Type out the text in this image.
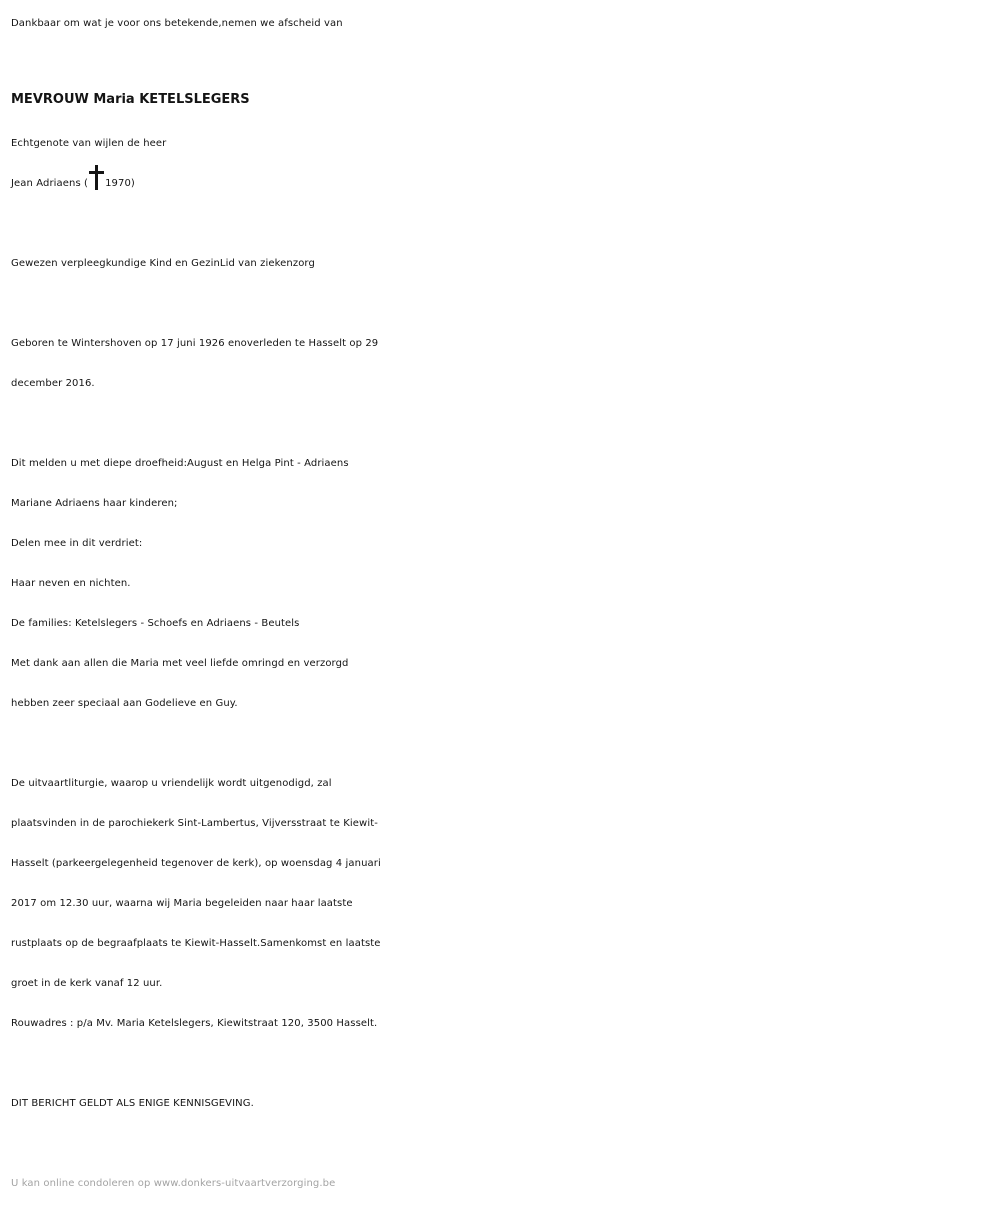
Dankbaar om wat je voor ons betekende,nemen we afscheid van
MEVROUW Maria KETELSLEGERS
Echtgenote van wijlen de heer
Jean Adriaens ( 1970)
Gewezen verpleegkundige Kind en GezinLid van ziekenzorg
Geboren te Wintershoven op 17 juni 1926 enoverleden te Hasselt op 29
december 2016.
Dit melden u met diepe droefheid:August en Helga Pint - Adriaens
Mariane Adriaens haar kinderen;
Delen mee in dit verdriet:
Haar neven en nichten.
De families: Ketelslegers - Schoefs en Adriaens - Beutels
Met dank aan allen die Maria met veel liefde omringd en verzorgd
hebben zeer speciaal aan Godelieve en Guy.
De uitvaartliturgie, waarop u vriendelijk wordt uitgenodigd, zal
plaatsvinden in de parochiekerk Sint-Lambertus, Vijversstraat te Kiewit-
Hasselt (parkeergelegenheid tegenover de kerk), op woensdag 4 januari
2017 om 12.30 uur, waarna wij Maria begeleiden naar haar laatste
rustplaats op de begraafplaats te Kiewit-Hasselt.Samenkomst en laatste
groet in de kerk vanaf 12 uur.
Rouwadres : p/a Mv. Maria Ketelslegers, Kiewitstraat 120, 3500 Hasselt.
DIT BERICHT GELDT ALS ENIGE KENNISGEVING.
U kan online condoleren op www.donkers-uitvaartverzorging.be
